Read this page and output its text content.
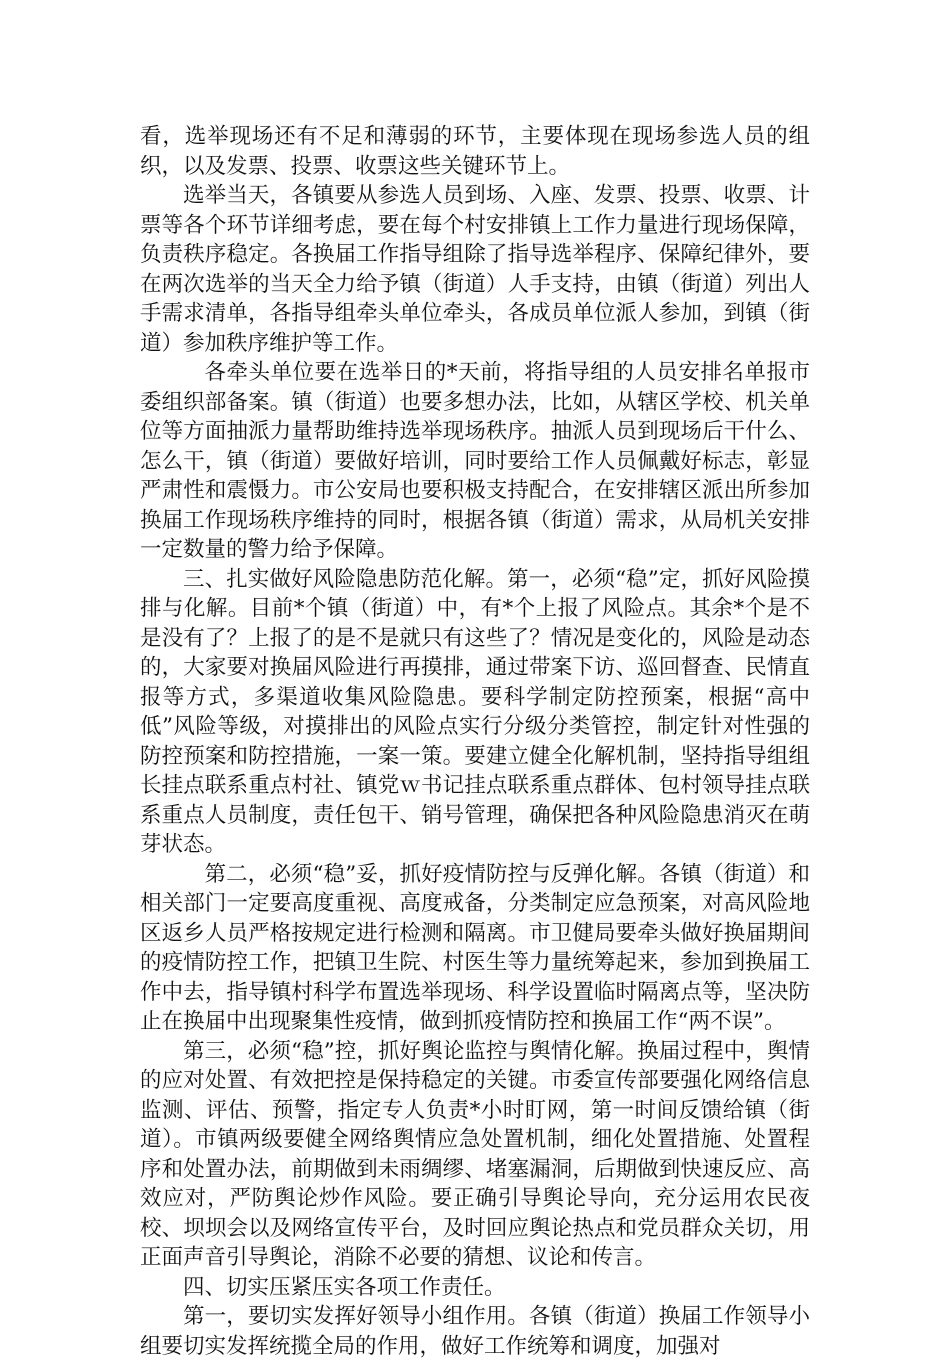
看，选举现场还有不足和薄弱的环节，主要体现在现场参选人员的组织，以及发票、投票、收票这些关键环节上。

选举当天，各镇要从参选人员到场、入座、发票、投票、收票、计票等各个环节详细考虑，要在每个村安排镇上工作力量进行现场保障，负责秩序稳定。各换届工作指导组除了指导选举程序、保障纪律外，要在两次选举的当天全力给予镇（街道）人手支持，由镇（街道）列出人手需求清单，各指导组牵头单位牵头，各成员单位派人参加，到镇（街道）参加秩序维护等工作。

各牵头单位要在选举日的*天前，将指导组的人员安排名单报市委组织部备案。镇（街道）也要多想办法，比如，从辖区学校、机关单位等方面抽派力量帮助维持选举现场秩序。抽派人员到现场后干什么、怎么干，镇（街道）要做好培训，同时要给工作人员佩戴好标志，彰显严肃性和震慑力。市公安局也要积极支持配合，在安排辖区派出所参加换届工作现场秩序维持的同时，根据各镇（街道）需求，从局机关安排一定数量的警力给予保障。

三、扎实做好风险隐患防范化解。第一，必须“稳”定，抓好风险摸排与化解。目前*个镇（街道）中，有*个上报了风险点。其余*个是不是没有了？上报了的是不是就只有这些了？情况是变化的，风险是动态的，大家要对换届风险进行再摸排，通过带案下访、巡回督查、民情直报等方式，多渠道收集风险隐患。要科学制定防控预案，根据“高中低”风险等级，对摸排出的风险点实行分级分类管控，制定针对性强的防控预案和防控措施，一案一策。要建立健全化解机制，坚持指导组组长挂点联系重点村社、镇党ｗ书记挂点联系重点群体、包村领导挂点联系重点人员制度，责任包干、销号管理，确保把各种风险隐患消灭在萌芽状态。

第二，必须“稳”妥，抓好疫情防控与反弹化解。各镇（街道）和相关部门一定要高度重视、高度戒备，分类制定应急预案，对高风险地区返乡人员严格按规定进行检测和隔离。市卫健局要牵头做好换届期间的疫情防控工作，把镇卫生院、村医生等力量统筹起来，参加到换届工作中去，指导镇村科学布置选举现场、科学设置临时隔离点等，坚决防止在换届中出现聚集性疫情，做到抓疫情防控和换届工作“两不误”。

第三，必须“稳”控，抓好舆论监控与舆情化解。换届过程中，舆情的应对处置、有效把控是保持稳定的关键。市委宣传部要强化网络信息监测、评估、预警，指定专人负责*小时盯网，第一时间反馈给镇（街道）。市镇两级要健全网络舆情应急处置机制，细化处置措施、处置程序和处置办法，前期做到未雨绸缪、堵塞漏洞，后期做到快速反应、高效应对，严防舆论炒作风险。要正确引导舆论导向，充分运用农民夜校、坝坝会以及网络宣传平台，及时回应舆论热点和党员群众关切，用正面声音引导舆论，消除不必要的猜想、议论和传言。

四、切实压紧压实各项工作责任。

第一，要切实发挥好领导小组作用。各镇（街道）换届工作领导小组要切实发挥统揽全局的作用，做好工作统筹和调度，加强对
